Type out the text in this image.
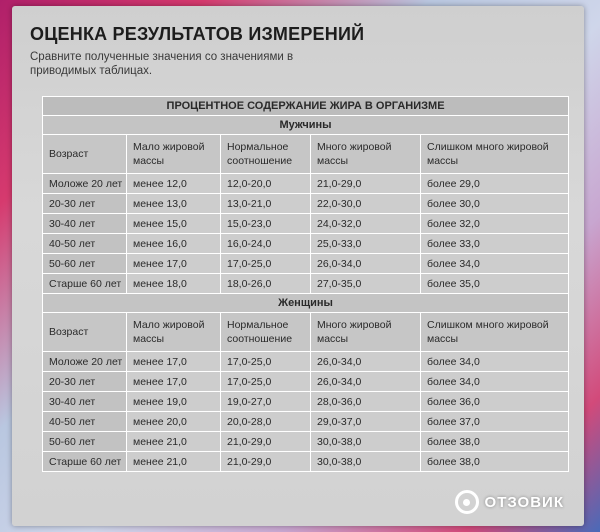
ОЦЕНКА РЕЗУЛЬТАТОВ ИЗМЕРЕНИЙ
Сравните полученные значения со значениями в приводимых таблицах.
ПРОЦЕНТНОЕ СОДЕРЖАНИЕ ЖИРА В ОРГАНИЗМЕ				
Мужчины				
Возраст	Мало жировой массы	Нормальное соотношение	Много жировой массы	Слишком много жировой массы
Моложе 20 лет	менее 12,0	12,0-20,0	21,0-29,0	более 29,0
20-30 лет	менее 13,0	13,0-21,0	22,0-30,0	более 30,0
30-40 лет	менее 15,0	15,0-23,0	24,0-32,0	более 32,0
40-50 лет	менее 16,0	16,0-24,0	25,0-33,0	более 33,0
50-60 лет	менее 17,0	17,0-25,0	26,0-34,0	более 34,0
Старше 60 лет	менее 18,0	18,0-26,0	27,0-35,0	более 35,0
Женщины				
Возраст	Мало жировой массы	Нормальное соотношение	Много жировой массы	Слишком много жировой массы
Моложе 20 лет	менее 17,0	17,0-25,0	26,0-34,0	более 34,0
20-30 лет	менее 17,0	17,0-25,0	26,0-34,0	более 34,0
30-40 лет	менее 19,0	19,0-27,0	28,0-36,0	более 36,0
40-50 лет	менее 20,0	20,0-28,0	29,0-37,0	более 37,0
50-60 лет	менее 21,0	21,0-29,0	30,0-38,0	более 38,0
Старше 60 лет	менее 21,0	21,0-29,0	30,0-38,0	более 38,0
ОТЗОВИК
